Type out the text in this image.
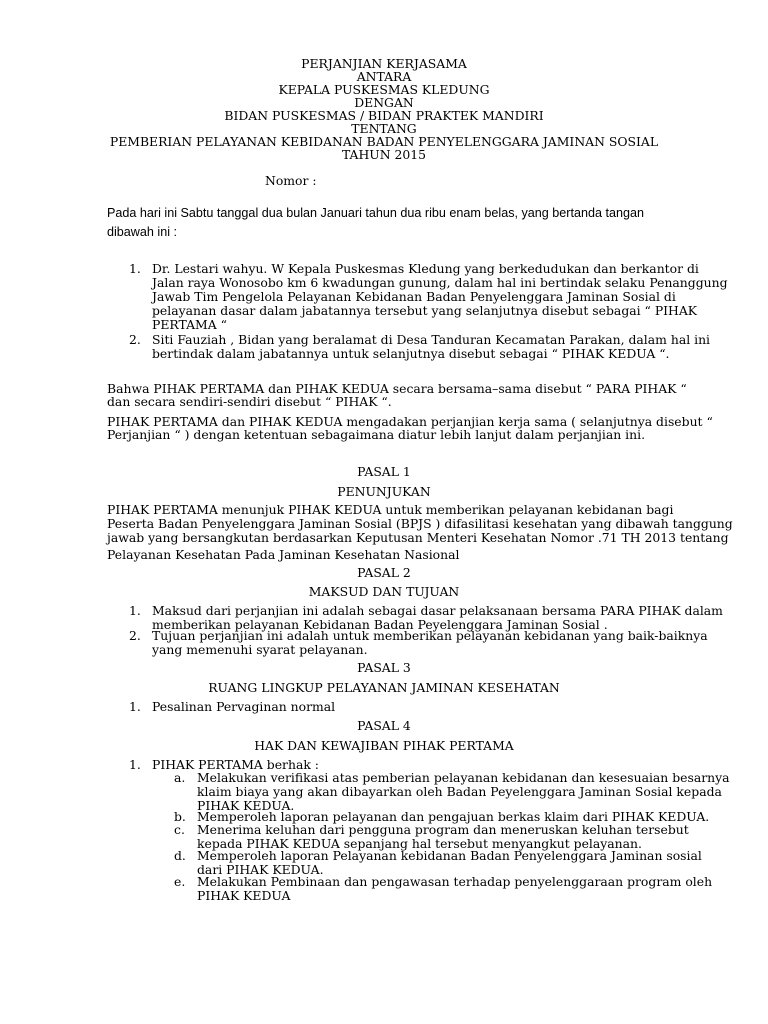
PERJANJIAN KERJASAMA
ANTARA
KEPALA PUSKESMAS KLEDUNG
DENGAN
BIDAN PUSKESMAS / BIDAN PRAKTEK MANDIRI
TENTANG
PEMBERIAN PELAYANAN KEBIDANAN BADAN PENYELENGGARA JAMINAN SOSIAL
TAHUN 2015
Nomor :
Pada hari ini Sabtu tanggal dua bulan Januari tahun dua ribu enam belas, yang bertanda tangan
dibawah ini :
1. Dr. Lestari wahyu. W Kepala Puskesmas Kledung yang berkedudukan dan berkantor di
Jalan raya Wonosobo km 6 kwadungan gunung, dalam hal ini bertindak selaku Penanggung
Jawab Tim Pengelola Pelayanan Kebidanan Badan Penyelenggara Jaminan Sosial di
pelayanan dasar dalam jabatannya tersebut yang selanjutnya disebut sebagai “ PIHAK
PERTAMA “
2. Siti Fauziah , Bidan yang beralamat di Desa Tanduran Kecamatan Parakan, dalam hal ini
bertindak dalam jabatannya untuk selanjutnya disebut sebagai “ PIHAK KEDUA “.
Bahwa PIHAK PERTAMA dan PIHAK KEDUA secara bersama–sama disebut “ PARA PIHAK “
dan secara sendiri-sendiri disebut “ PIHAK “.
PIHAK PERTAMA dan PIHAK KEDUA mengadakan perjanjian kerja sama ( selanjutnya disebut “
Perjanjian “ ) dengan ketentuan sebagaimana diatur lebih lanjut dalam perjanjian ini.
PASAL 1
PENUNJUKAN
PIHAK PERTAMA menunjuk PIHAK KEDUA untuk memberikan pelayanan kebidanan bagi
Peserta Badan Penyelenggara Jaminan Sosial (BPJS ) difasilitasi kesehatan yang dibawah tanggung
jawab yang bersangkutan berdasarkan Keputusan Menteri Kesehatan Nomor .71 TH 2013 tentang
Pelayanan Kesehatan Pada Jaminan Kesehatan Nasional
PASAL 2
MAKSUD DAN TUJUAN
1. Maksud dari perjanjian ini adalah sebagai dasar pelaksanaan bersama PARA PIHAK dalam
memberikan pelayanan Kebidanan Badan Peyelenggara Jaminan Sosial .
2. Tujuan perjanjian ini adalah untuk memberikan pelayanan kebidanan yang baik-baiknya
yang memenuhi syarat pelayanan.
PASAL 3
RUANG LINGKUP PELAYANAN JAMINAN KESEHATAN
1. Pesalinan Pervaginan normal
PASAL 4
HAK DAN KEWAJIBAN PIHAK PERTAMA
1. PIHAK PERTAMA berhak :
a. Melakukan verifikasi atas pemberian pelayanan kebidanan dan kesesuaian besarnya
klaim biaya yang akan dibayarkan oleh Badan Peyelenggara Jaminan Sosial kepada
PIHAK KEDUA.
b. Memperoleh laporan pelayanan dan pengajuan berkas klaim dari PIHAK KEDUA.
c. Menerima keluhan dari pengguna program dan meneruskan keluhan tersebut
kepada PIHAK KEDUA sepanjang hal tersebut menyangkut pelayanan.
d. Memperoleh laporan Pelayanan kebidanan Badan Penyelenggara Jaminan sosial
dari PIHAK KEDUA.
e. Melakukan Pembinaan dan pengawasan terhadap penyelenggaraan program oleh
PIHAK KEDUA
